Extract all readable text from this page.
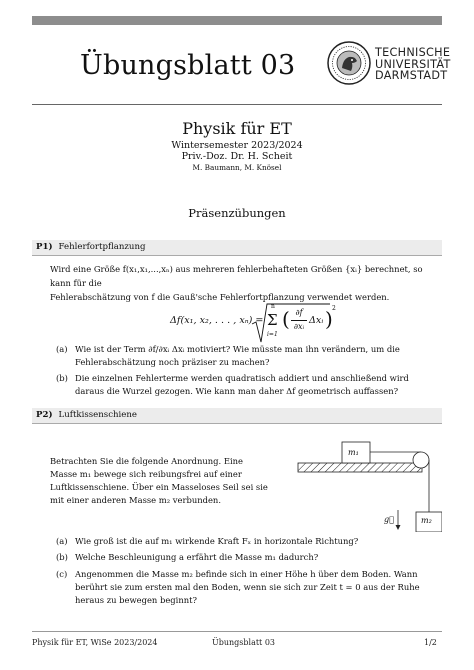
Übungsblatt 03	TECHNISCHE
UNIVERSITÄT
DARMSTADT
Physik für ET
Wintersemester 2023/2024
Priv.-Doz. Dr. H. Scheit
M. Baumann, M. Knösel
Präsenzübungen
P1) Fehlerfortpflanzung
Wird eine Größe f(x₁,x₁,...,xₙ) aus mehreren fehlerbehafteten Größen {xᵢ} berechnet, so kann für die
Fehlerabschätzung von f die Gauß'sche Fehlerfortpflanzung verwendet werden.
Δf(x₁, x₂, . . . , xₙ) =
n
Σ
i=1
( ∂f
∂xᵢ
Δxᵢ ) 2
(a) Wie ist der Term ∂f/∂xᵢ Δxᵢ motiviert? Wie müsste man ihn verändern, um die Fehlerabschätzung noch präziser zu machen?
(b) Die einzelnen Fehlerterme werden quadratisch addiert und anschließend wird daraus die Wurzel gezogen. Wie kann man daher Δf geometrisch auffassen?
P2) Luftkissenschiene
Betrachten Sie die folgende Anordnung. Eine Masse m₁ bewege sich reibungsfrei auf einer Luftkissenschiene. Über ein Masseloses Seil sei sie mit einer anderen Masse m₂ verbunden.
m₁
m₂
g⃗
(a) Wie groß ist die auf m₁ wirkende Kraft Fₓ in horizontale Richtung?
(b) Welche Beschleunigung a erfährt die Masse m₁ dadurch?
(c) Angenommen die Masse m₂ befinde sich in einer Höhe h über dem Boden. Wann berührt sie zum ersten mal den Boden, wenn sie sich zur Zeit t = 0 aus der Ruhe heraus zu bewegen beginnt?
Physik für ET, WiSe 2023/2024	Übungsblatt 03	1/2
